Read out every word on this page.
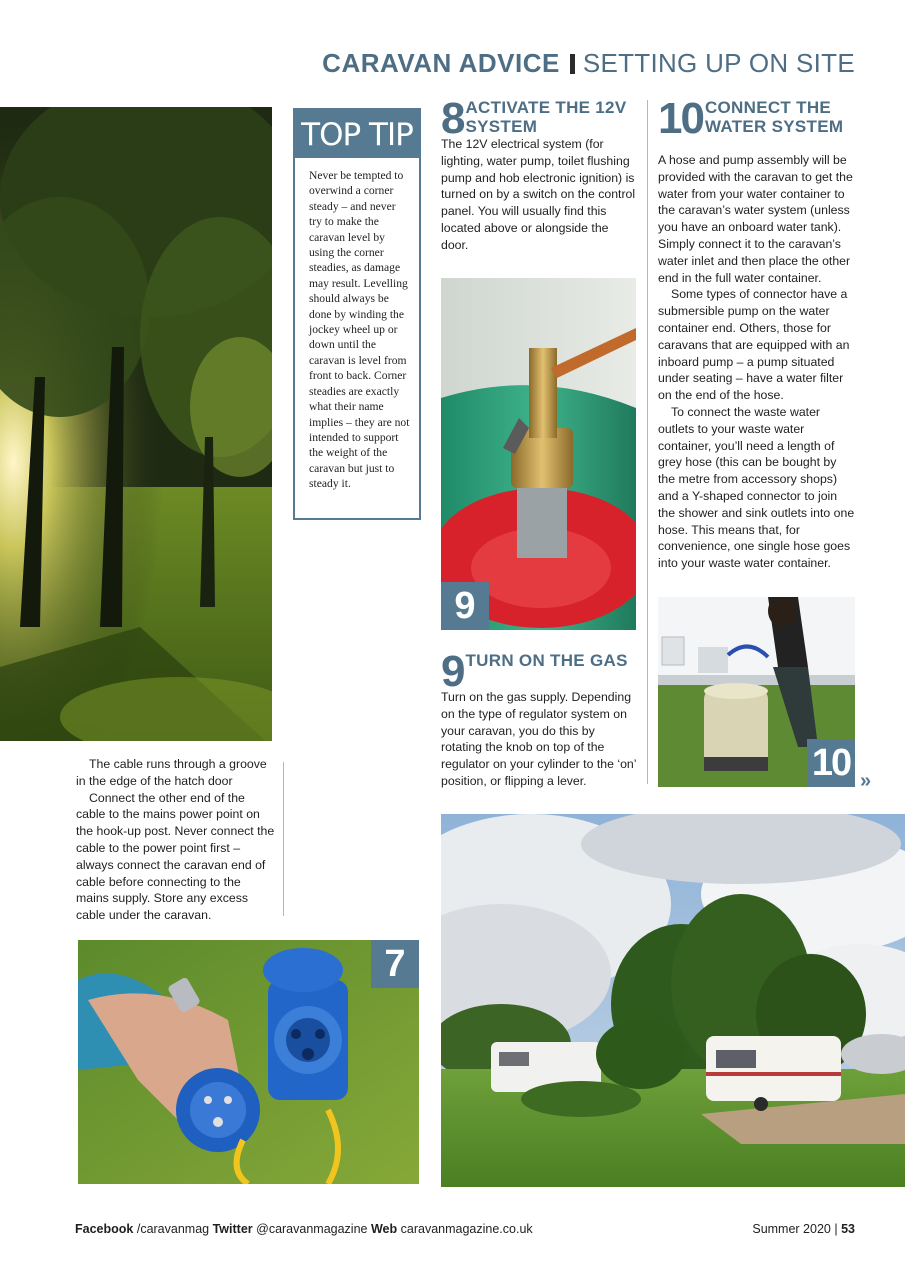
CARAVAN ADVICE SETTING UP ON SITE
TOP TIP
Never be tempted to overwind a corner steady – and never try to make the caravan level by using the corner steadies, as damage may result. Levelling should always be done by winding the jockey wheel up or down until the caravan is level from front to back. Corner steadies are exactly what their name implies – they are not intended to support the weight of the caravan but just to steady it.
8 ACTIVATE THE 12V SYSTEM

The 12V electrical system (for lighting, water pump, toilet flushing pump and hob electronic ignition) is turned on by a switch on the control panel. You will usually find this located above or alongside the door.

9
9 TURN ON THE GAS

Turn on the gas supply. Depending on the type of regulator system on your caravan, you do this by rotating the knob on top of the regulator on your cylinder to the ‘on’ position, or flipping a lever.

10 CONNECT THE

WATER SYSTEM

A hose and pump assembly will be provided with the caravan to get the water from your water container to the caravan’s water system (unless you have an onboard water tank). Simply connect it to the caravan’s water inlet and then place the other end in the full water container.

Some types of connector have a submersible pump on the water container end. Others, those for caravans that are equipped with an inboard pump – a pump situated under seating – have a water filter on the end of the hose.

To connect the waste water outlets to your waste water container, you’ll need a length of grey hose (this can be bought by the metre from accessory shops) and a Y-shaped connector to join the shower and sink outlets into one hose. This means that, for convenience, one single hose goes into your waste water container.

10 »

The cable runs through a groove in the edge of the hatch door

Connect the other end of the cable to the mains power point on the hook-up post. Never connect the cable to the power point first – always connect the caravan end of cable before connecting to the mains supply. Store any excess cable under the caravan.

7
Facebook /caravanmag Twitter @caravanmagazine Web caravanmagazine.co.uk	Summer 2020 | 53
